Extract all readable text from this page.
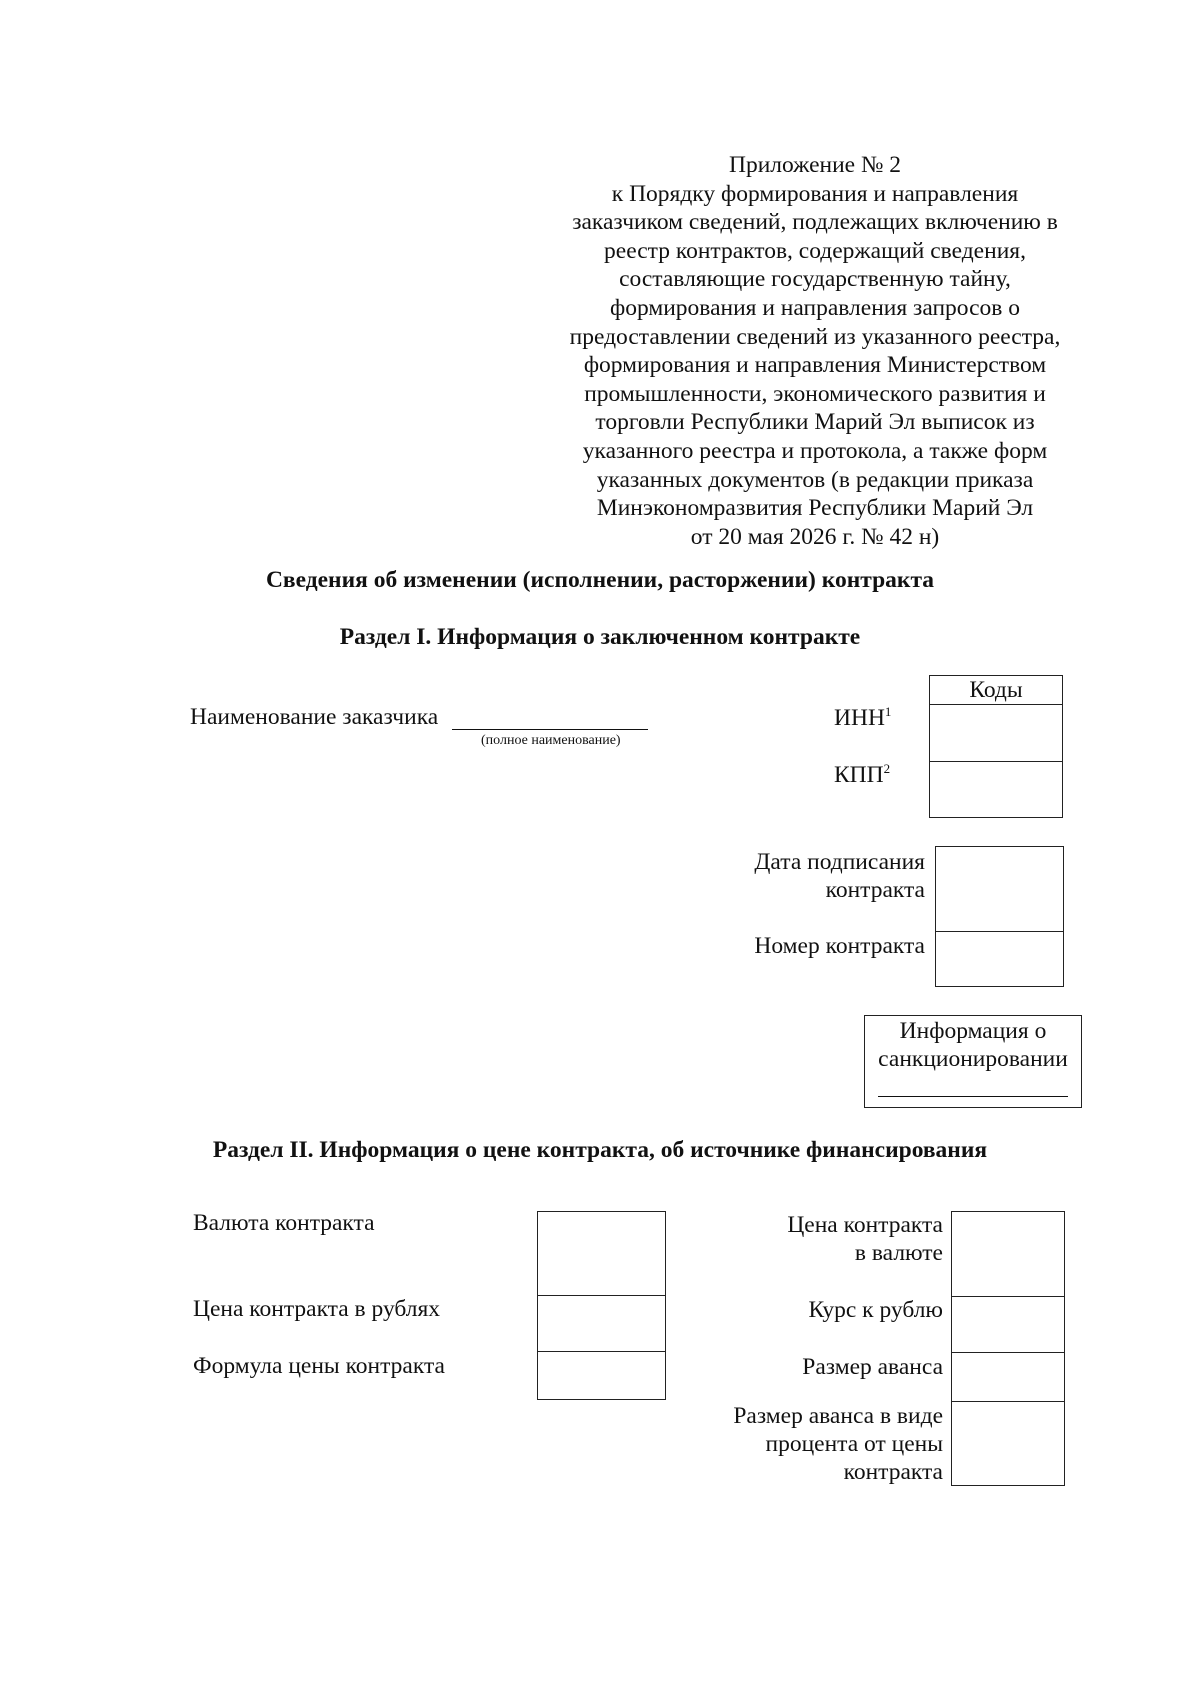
Приложение № 2
к Порядку формирования и направления
заказчиком сведений, подлежащих включению в
реестр контрактов, содержащий сведения,
составляющие государственную тайну,
формирования и направления запросов о
предоставлении сведений из указанного реестра,
формирования и направления Министерством
промышленности, экономического развития и
торговли Республики Марий Эл выписок из
указанного реестра и протокола, а также форм
указанных документов (в редакции приказа
Минэкономразвития Республики Марий Эл
от 20 мая 2026 г. № 42 н)
Сведения об изменении (исполнении, расторжении) контракта
Раздел I. Информация о заключенном контракте
Наименование заказчика
(полное наименование)
Коды
ИНН$^1$
КПП$^2$
Дата подписания
контракта
Номер контракта
Информация о
санкционировании
Раздел II. Информация о цене контракта, об источнике финансирования
Валюта контракта
Цена контракта в рублях
Формула цены контракта
Цена контракта
в валюте
Курс к рублю
Размер аванса
Размер аванса в виде
процента от цены
контракта
